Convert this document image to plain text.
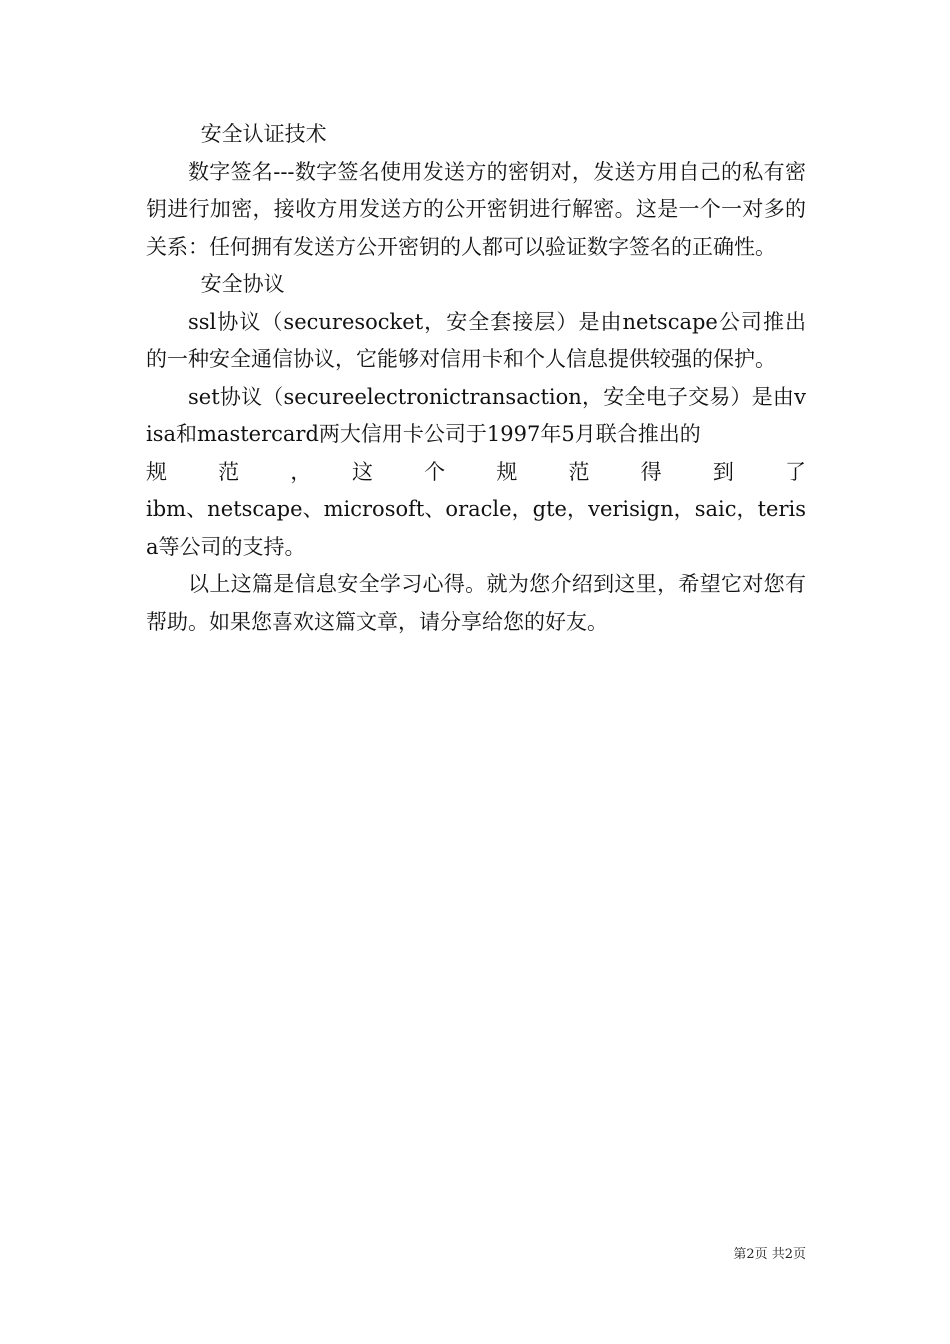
安全认证技术

数字签名---数字签名使用发送方的密钥对，发送方用自己的私有密钥进行加密，接收方用发送方的公开密钥进行解密。这是一个一对多的关系：任何拥有发送方公开密钥的人都可以验证数字签名的正确性。

安全协议

ssl协议（securesocket，安全套接层）是由netscape公司推出的一种安全通信协议，它能够对信用卡和个人信息提供较强的保护。

set协议（secureelectronictransaction，安全电子交易）是由visa和mastercard两大信用卡公司于1997年5月联合推出的

规　范　，　这　个　规　范　得　到　了

ibm、netscape、microsoft、oracle，gte，verisign，saic，terisa等公司的支持。

以上这篇是信息安全学习心得。就为您介绍到这里，希望它对您有帮助。如果您喜欢这篇文章，请分享给您的好友。

第2页 共2页
